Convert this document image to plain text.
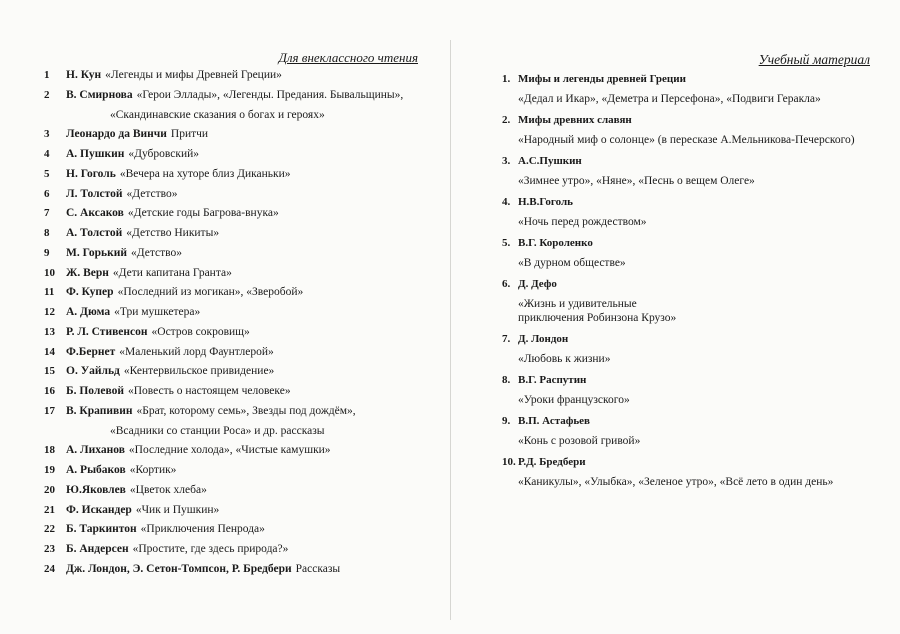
Для внеклассного чтения
1	Н. Кун «Легенды и мифы Древней Греции»
2	В. Смирнова «Герои Эллады», «Легенды. Предания. Бывальщины»,
«Скандинавские сказания о богах и героях»
3	Леонардо да Винчи Притчи
4	А. Пушкин «Дубровский»
5	Н. Гоголь «Вечера на хуторе близ Диканьки»
6	Л. Толстой «Детство»
7	С. Аксаков «Детские годы Багрова-внука»
8	А. Толстой «Детство Никиты»
9	М. Горький «Детство»
10 Ж. Верн «Дети капитана Гранта»
11	Ф. Купер «Последний из могикан», «Зверобой»
12 А. Дюма «Три мушкетера»
13 Р. Л. Стивенсон «Остров сокровищ»
14 Ф.Бернет «Маленький лорд Фаунтлерой»
15 О. Уайльд «Кентервильское привидение»
16 Б. Полевой «Повесть о настоящем человеке»
17 В. Крапивин «Брат, которому семь», Звезды под дождём»,
«Всадники со станции Роса» и др. рассказы
18 А. Лиханов «Последние холода», «Чистые камушки»
19 А. Рыбаков «Кортик»
20 Ю.Яковлев «Цветок хлеба»
21 Ф. Искандер «Чик и Пушкин»
22 Б. Таркинтон «Приключения Пенрода»
23 Б. Андерсен «Простите, где здесь природа?»
24 Дж. Лондон, Э. Сетон-Томпсон, Р. Бредбери Рассказы
Учебный материал
1. Мифы и легенды древней Греции
«Дедал и Икар», «Деметра и Персефона», «Подвиги Геракла»
2. Мифы древних славян
«Народный миф о солонце» (в пересказе А.Мельникова-Печерского)
3. А.С.Пушкин
«Зимнее утро», «Няне», «Песнь о вещем Олеге»
4. Н.В.Гоголь
«Ночь перед рождеством»
5. В.Г. Короленко
«В дурном обществе»
6. Д. Дефо
«Жизнь и удивительные
приключения Робинзона Крузо»
7. Д. Лондон
«Любовь к жизни»
8. В.Г. Распутин
«Уроки французского»
9. В.П. Астафьев
«Конь с розовой гривой»
10. Р.Д. Бредбери
«Каникулы», «Улыбка», «Зеленое утро», «Всё лето в один день»
